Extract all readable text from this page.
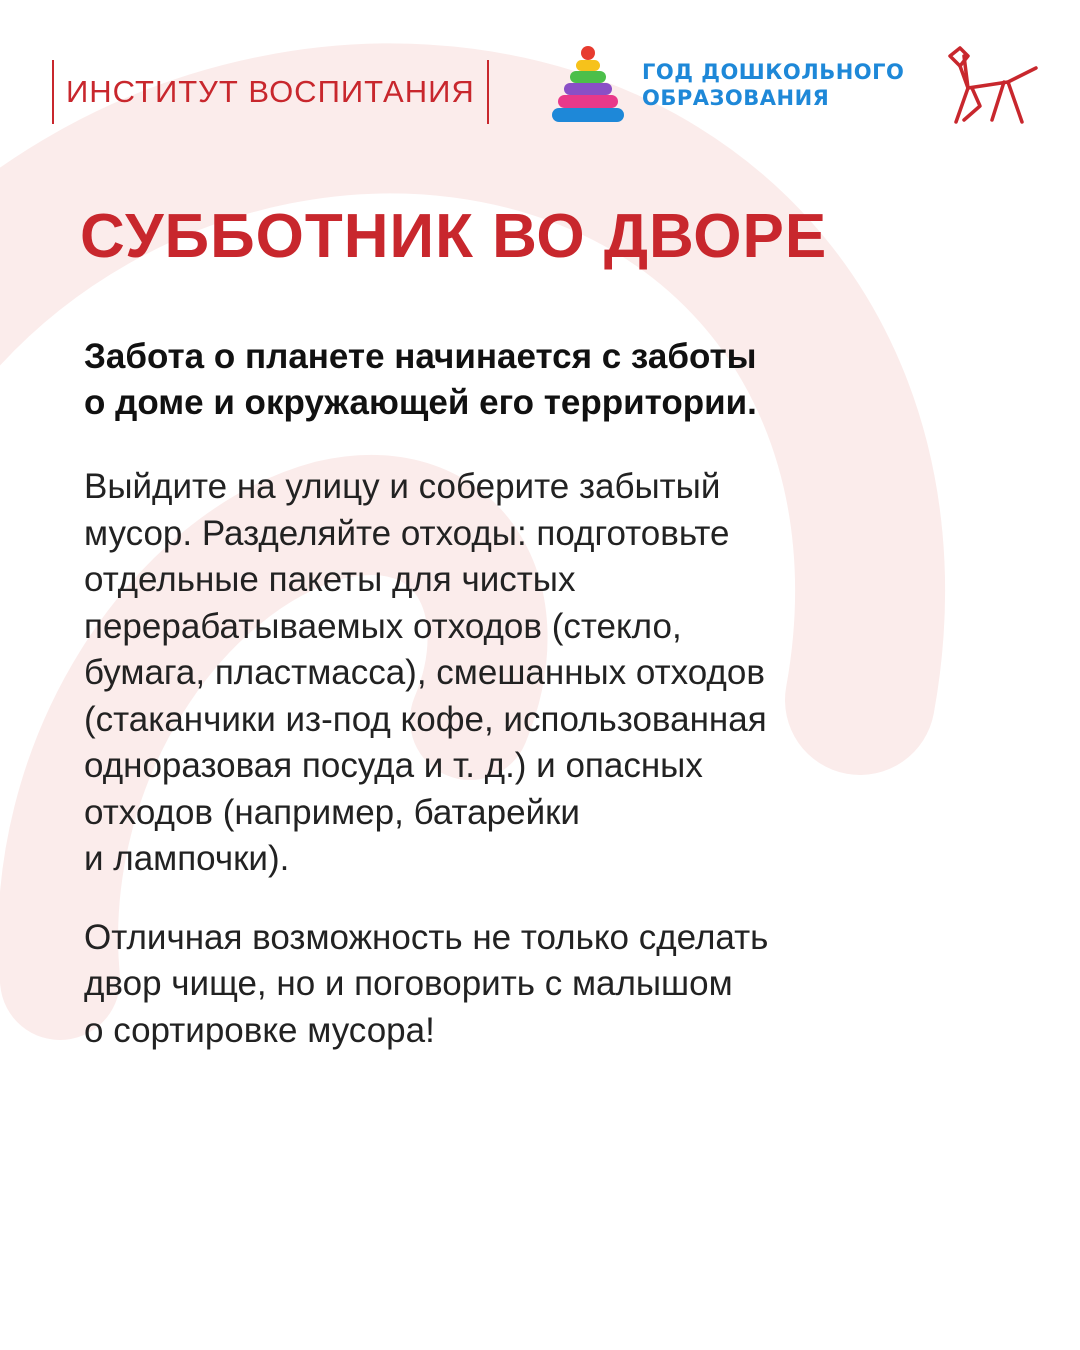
ИНСТИТУТ ВОСПИТАНИЯ
ГОД ДОШКОЛЬНОГО
ОБРАЗОВАНИЯ
СУББОТНИК ВО ДВОРЕ

Забота о планете начинается с заботы
о доме и окружающей его территории.

Выйдите на улицу и соберите забытый
мусор. Разделяйте отходы: подготовьте
отдельные пакеты для чистых
перерабатываемых отходов (стекло,
бумага, пластмасса), смешанных отходов
(стаканчики из-под кофе, использованная
одноразовая посуда и т. д.) и опасных
отходов (например, батарейки
и лампочки).

Отличная возможность не только сделать
двор чище, но и поговорить с малышом
о сортировке мусора!
